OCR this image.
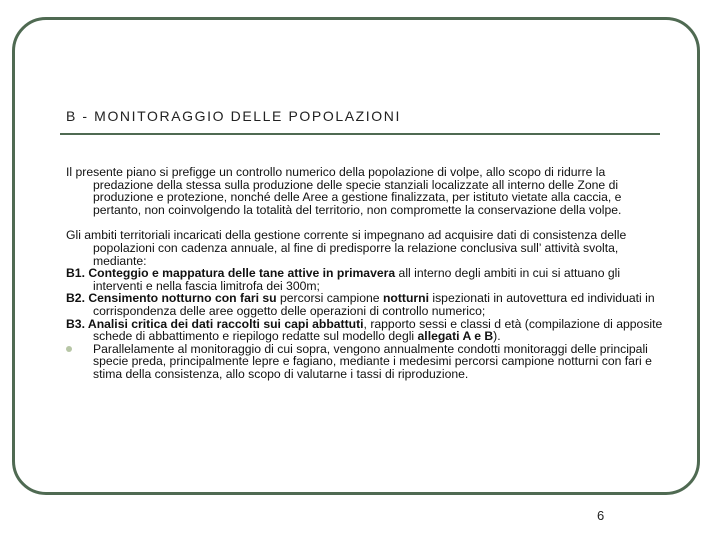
B - MONITORAGGIO DELLE POPOLAZIONI

Il presente piano si prefigge un controllo numerico della popolazione di volpe, allo scopo di ridurre la predazione della stessa sulla produzione delle specie stanziali localizzate all interno delle Zone di produzione e protezione, nonché delle Aree a gestione finalizzata, per istituto vietate alla caccia, e pertanto, non coinvolgendo la totalità del territorio, non compromette la conservazione della volpe.

Gli ambiti territoriali incaricati della gestione corrente si impegnano ad acquisire dati di consistenza delle popolazioni con cadenza annuale, al fine di predisporre la relazione conclusiva sull’ attività svolta, mediante:

B1. Conteggio e mappatura delle tane attive in primavera all interno degli ambiti in cui si attuano gli interventi e nella fascia limitrofa dei 300m;

B2. Censimento notturno con fari su percorsi campione notturni ispezionati in autovettura ed individuati in corrispondenza delle aree oggetto delle operazioni di controllo numerico;

B3. Analisi critica dei dati raccolti sui capi abbattuti, rapporto sessi e classi d età (compilazione di apposite schede di abbattimento e riepilogo redatte sul modello degli allegati A e B).

Parallelamente al monitoraggio di cui sopra, vengono annualmente condotti monitoraggi delle principali specie preda, principalmente lepre e fagiano, mediante i medesimi percorsi campione notturni con fari e stima della consistenza, allo scopo di valutarne i tassi di riproduzione.
6
